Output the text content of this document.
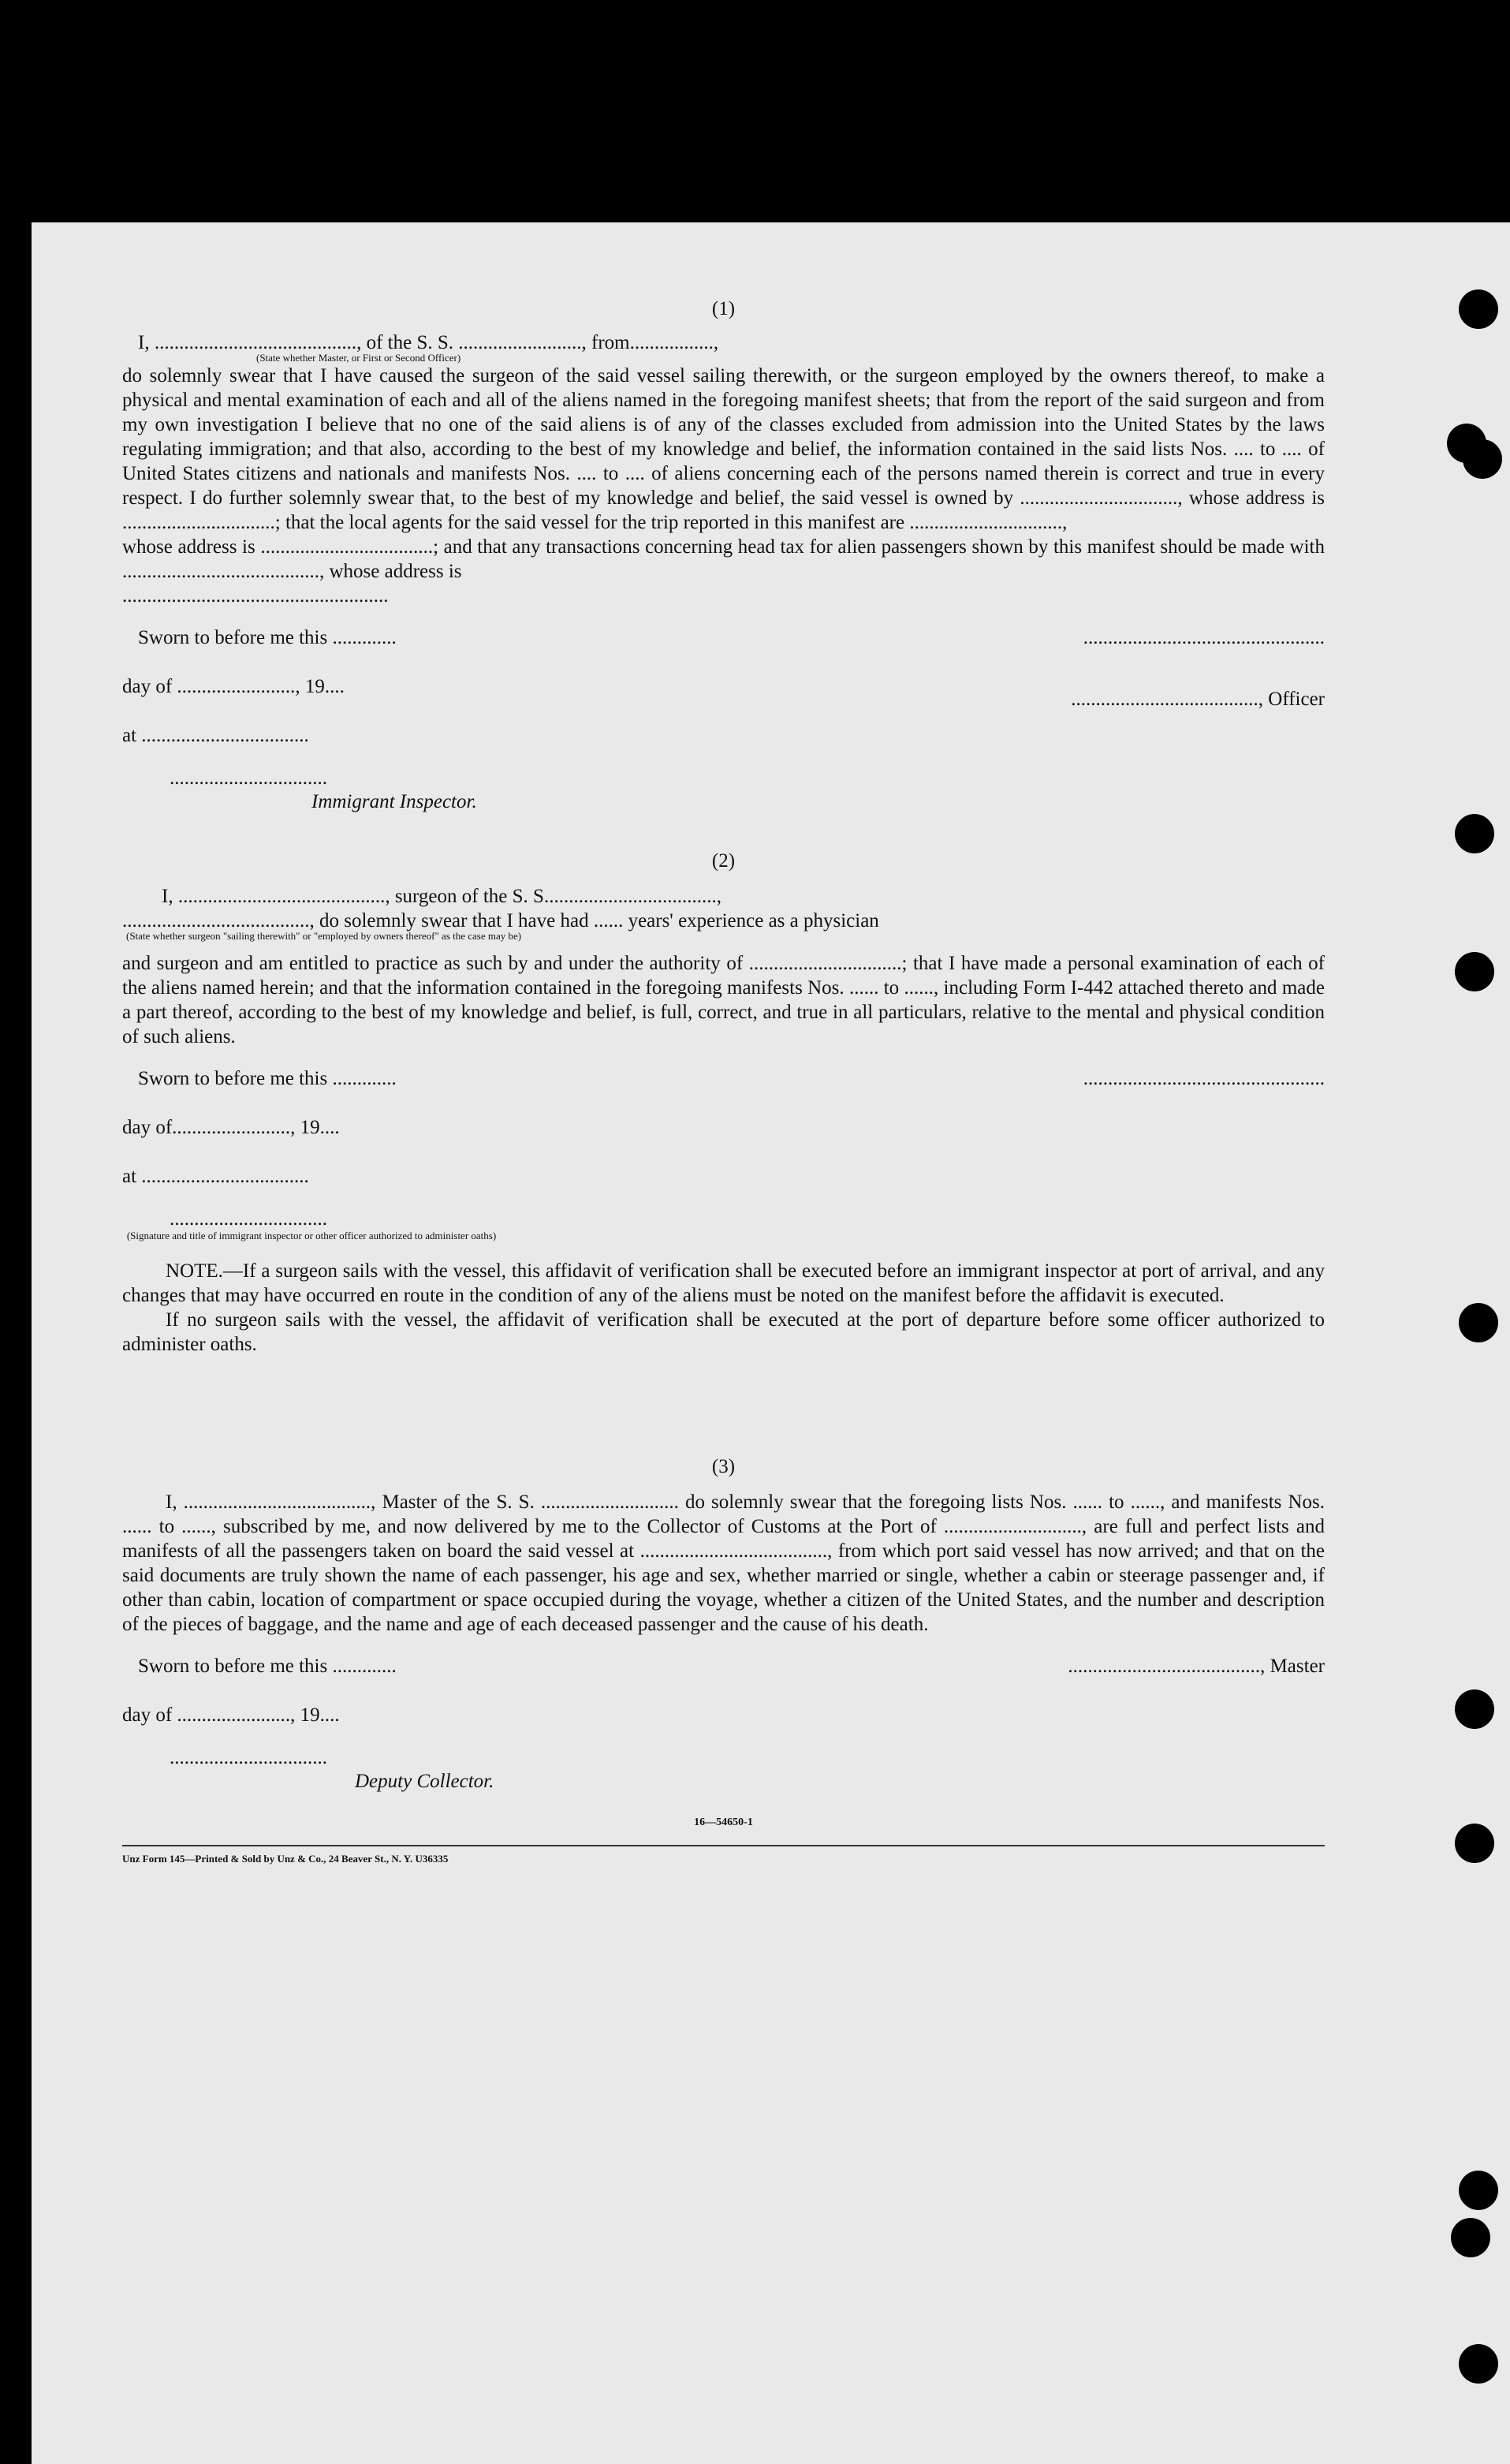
(1)

I, ........................................., of the S. S. ........................., from.................,

(State whether Master, or First or Second Officer)

do solemnly swear that I have caused the surgeon of the said vessel sailing therewith, or the surgeon employed by the owners thereof, to make a physical and mental examination of each and all of the aliens named in the foregoing manifest sheets; that from the report of the said surgeon and from my own investigation I believe that no one of the said aliens is of any of the classes excluded from admission into the United States by the laws regulating immigration; and that also, according to the best of my knowledge and belief, the information contained in the said lists Nos. .... to .... of United States citizens and nationals and manifests Nos. .... to .... of aliens concerning each of the persons named therein is correct and true in every respect. I do further solemnly swear that, to the best of my knowledge and belief, the said vessel is owned by ................................, whose address is ...............................; that the local agents for the said vessel for the trip reported in this manifest are ...............................,

whose address is ...................................; and that any transactions concerning head tax for alien passengers shown by this manifest should be made with ........................................, whose address is

......................................................

Sworn to before me this .............	.................................................
day of ........................, 19....
......................................, Officer
at ..................................
................................
Immigrant Inspector.
(2)

I, .........................................., surgeon of the S. S...................................,

......................................, do solemnly swear that I have had ...... years' experience as a physician

(State whether surgeon "sailing therewith" or "employed by owners thereof" as the case may be)

and surgeon and am entitled to practice as such by and under the authority of ...............................; that I have made a personal examination of each of the aliens named herein; and that the information contained in the foregoing manifests Nos. ...... to ......, including Form I-442 attached thereto and made a part thereof, according to the best of my knowledge and belief, is full, correct, and true in all particulars, relative to the mental and physical condition of such aliens.

Sworn to before me this .............	.................................................
day of........................, 19....
at ..................................
................................
(Signature and title of immigrant inspector or other officer authorized to administer oaths)

NOTE.—If a surgeon sails with the vessel, this affidavit of verification shall be executed before an immigrant inspector at port of arrival, and any changes that may have occurred en route in the condition of any of the aliens must be noted on the manifest before the affidavit is executed.

If no surgeon sails with the vessel, the affidavit of verification shall be executed at the port of departure before some officer authorized to administer oaths.

(3)

I, ......................................, Master of the S. S. ............................ do solemnly swear that the foregoing lists Nos. ...... to ......, and manifests Nos. ...... to ......, subscribed by me, and now delivered by me to the Collector of Customs at the Port of ............................, are full and perfect lists and manifests of all the passengers taken on board the said vessel at ......................................, from which port said vessel has now arrived; and that on the said documents are truly shown the name of each passenger, his age and sex, whether married or single, whether a cabin or steerage passenger and, if other than cabin, location of compartment or space occupied during the voyage, whether a citizen of the United States, and the number and description of the pieces of baggage, and the name and age of each deceased passenger and the cause of his death.

Sworn to before me this .............	......................................., Master
day of ......................., 19....
................................
Deputy Collector.
16—54650-1
Unz Form 145—Printed & Sold by Unz & Co., 24 Beaver St., N. Y. U36335
